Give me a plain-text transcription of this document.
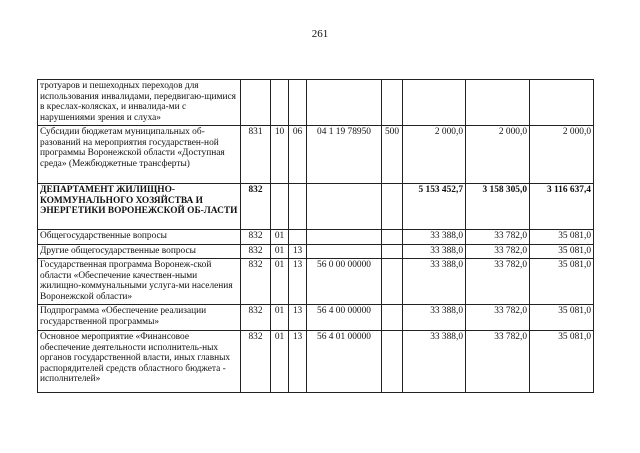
261
тротуаров и пешеходных переходов для использования инвалидами, передвигаю-щимися в креслах-колясках, и инвалида-ми с нарушениями зрения и слуха»								
Субсидии бюджетам муниципальных об-разований на мероприятия государствен-ной программы Воронежской области «Доступная среда» (Межбюджетные трансферты)	831	10	06	04 1 19 78950	500	2 000,0	2 000,0	2 000,0
ДЕПАРТАМЕНТ ЖИЛИЩНО-КОММУНАЛЬНОГО ХОЗЯЙСТВА И ЭНЕРГЕТИКИ ВОРОНЕЖСКОЙ ОБ-ЛАСТИ	832					5 153 452,7	3 158 305,0	3 116 637,4
Общегосударственные вопросы	832	01				33 388,0	33 782,0	35 081,0
Другие общегосударственные вопросы	832	01	13			33 388,0	33 782,0	35 081,0
Государственная программа Воронеж-ской области «Обеспечение качествен-ными жилищно-коммунальными услуга-ми населения Воронежской области»	832	01	13	56 0 00 00000		33 388,0	33 782,0	35 081,0
Подпрограмма «Обеспечение реализации государственной программы»	832	01	13	56 4 00 00000		33 388,0	33 782,0	35 081,0
Основное мероприятие «Финансовое обеспечение деятельности исполнитель-ных органов государственной власти, иных главных распорядителей средств областного бюджета - исполнителей»	832	01	13	56 4 01 00000		33 388,0	33 782,0	35 081,0
